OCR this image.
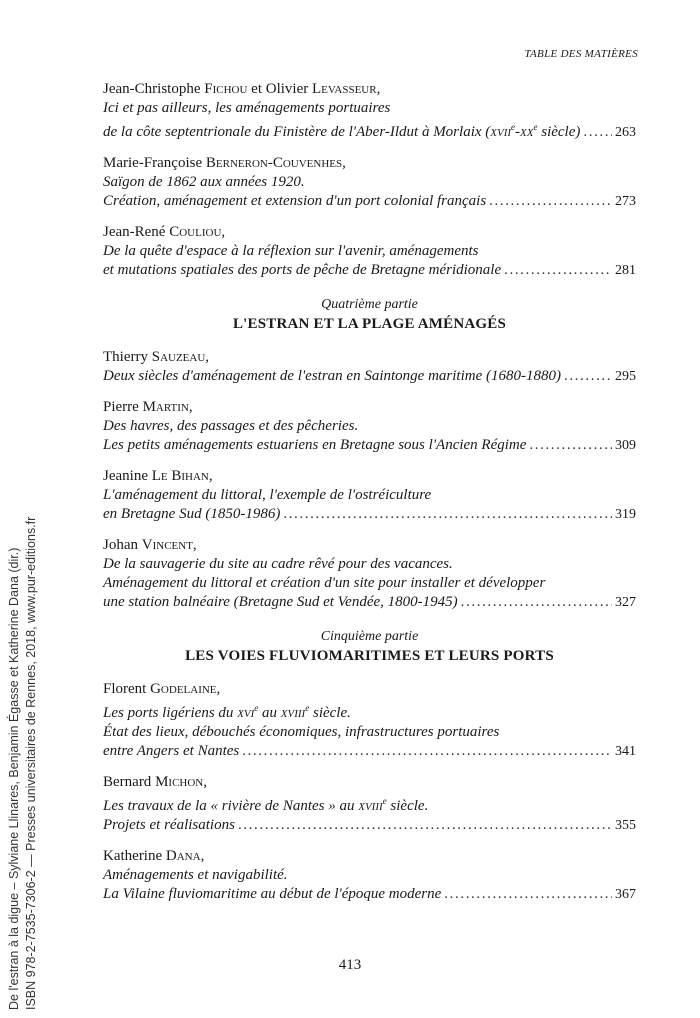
TABLE DES MATIÈRES
De l'estran à la digue – Sylviane Llinares, Benjamin Égasse et Katherine Dana (dir.) ISBN 978-2-7535-7306-2 — Presses universitaires de Rennes, 2018, www.pur-editions.fr
Jean-Christophe Fichou et Olivier Levasseur,
Ici et pas ailleurs, les aménagements portuaires
de la côte septentrionale du Finistère de l'Aber-Ildut à Morlaix ($xvii^e-xx^e$ siècle) ..... 263
Marie-Françoise Berneron-Couvenhes,
Saïgon de 1862 aux années 1920.
Création, aménagement et extension d'un port colonial français .....	273
Jean-René Couliou,
De la quête d'espace à la réflexion sur l'avenir, aménagements
et mutations spatiales des ports de pêche de Bretagne méridionale .....	281
Quatrième partie
L'ESTRAN ET LA PLAGE AMÉNAGÉS
Thierry Sauzeau,
Deux siècles d'aménagement de l'estran en Saintonge maritime (1680-1880) .....	295
Pierre Martin,
Des havres, des passages et des pêcheries.
Les petits aménagements estuariens en Bretagne sous l'Ancien Régime .....	309
Jeanine Le Bihan,
L'aménagement du littoral, l'exemple de l'ostréiculture
en Bretagne Sud (1850-1986) .....	319
Johan Vincent,
De la sauvagerie du site au cadre rêvé pour des vacances.
Aménagement du littoral et création d'un site pour installer et développer
une station balnéaire (Bretagne Sud et Vendée, 1800-1945) .....	327
Cinquième partie
LES VOIES FLUVIOMARITIMES ET LEURS PORTS
Florent Godelaine,
Les ports ligériens du xvi$^e$ au xviii$^e$ siècle.
État des lieux, débouchés économiques, infrastructures portuaires
entre Angers et Nantes .....	341
Bernard Michon,
Les travaux de la « rivière de Nantes » au xviii$^e$ siècle.
Projets et réalisations .....	355
Katherine Dana,
Aménagements et navigabilité.
La Vilaine fluviomaritime au début de l'époque moderne .....	367
413
